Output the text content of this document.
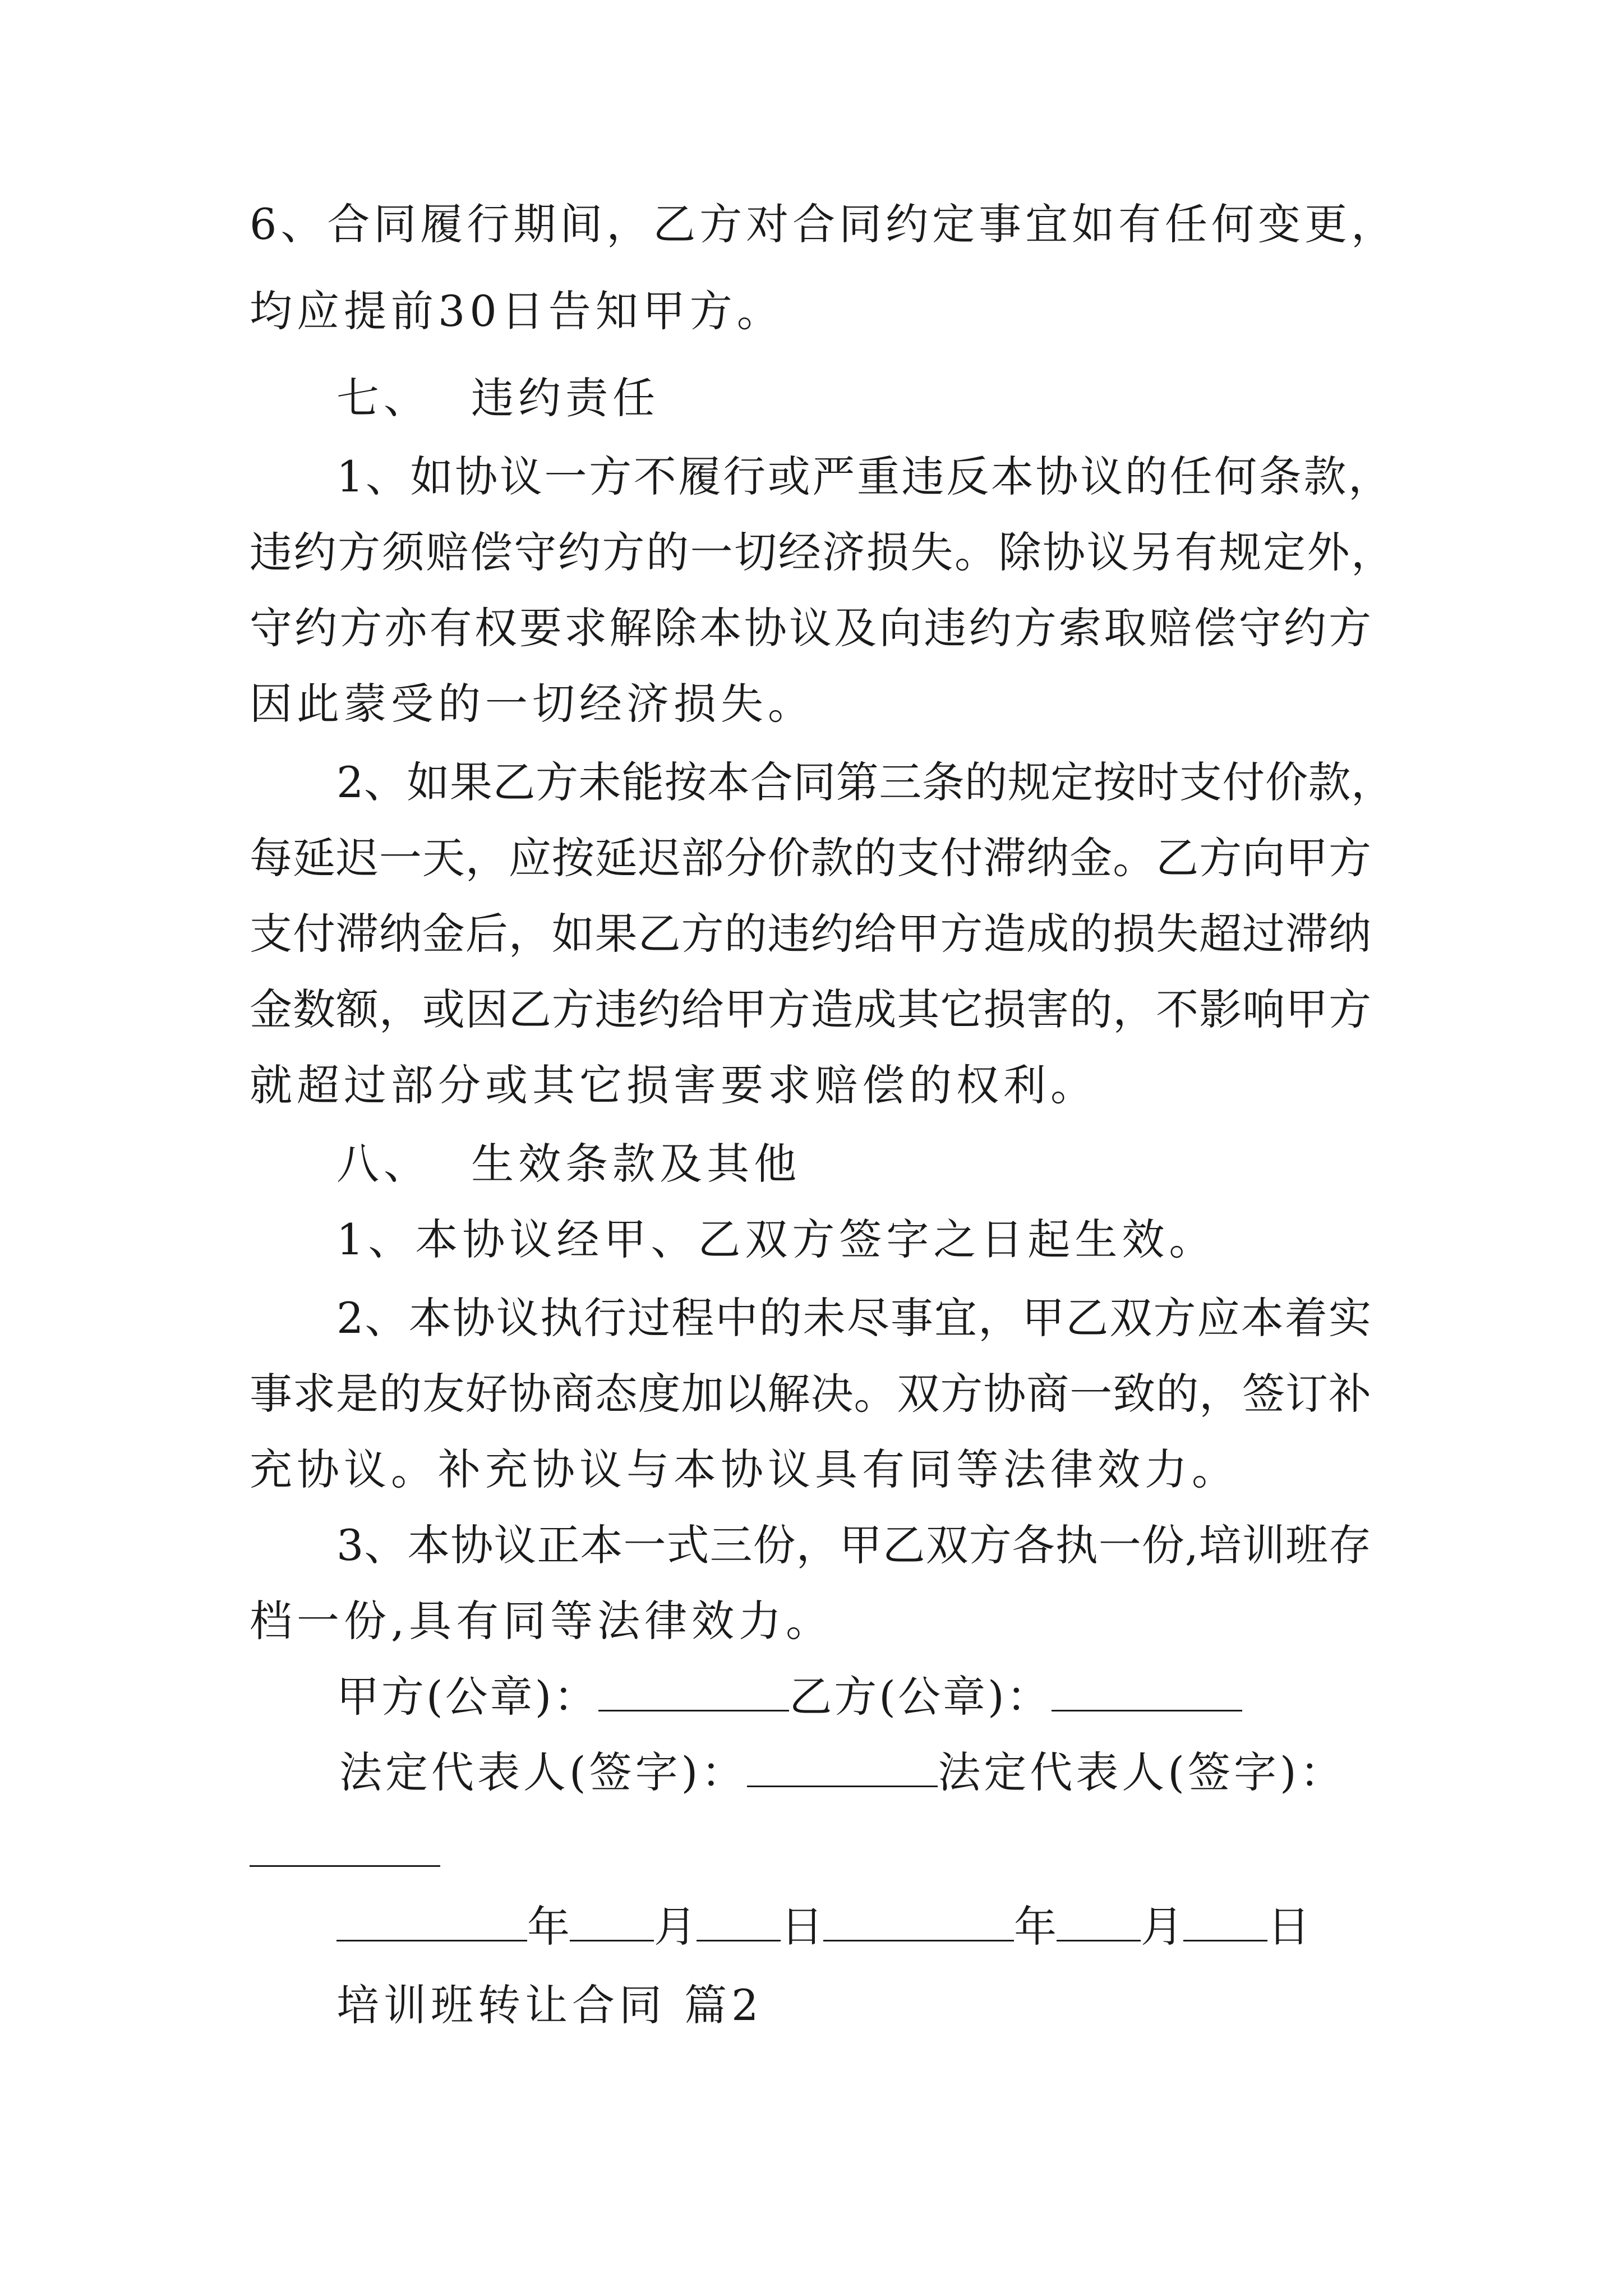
6、合同履行期间，乙方对合同约定事宜如有任何变更，
均应提前30日告知甲方。
七、 违约责任
1、如协议一方不履行或严重违反本协议的任何条款，
违约方须赔偿守约方的一切经济损失。除协议另有规定外，
守约方亦有权要求解除本协议及向违约方索取赔偿守约方
因此蒙受的一切经济损失。
2、如果乙方未能按本合同第三条的规定按时支付价款，
每延迟一天，应按延迟部分价款的支付滞纳金。乙方向甲方
支付滞纳金后，如果乙方的违约给甲方造成的损失超过滞纳
金数额，或因乙方违约给甲方造成其它损害的，不影响甲方
就超过部分或其它损害要求赔偿的权利。
八、 生效条款及其他
1、本协议经甲、乙双方签字之日起生效。
2、本协议执行过程中的未尽事宜，甲乙双方应本着实
事求是的友好协商态度加以解决。双方协商一致的，签订补
充协议。补充协议与本协议具有同等法律效力。
3、本协议正本一式三份，甲乙双方各执一份,培训班存
档一份,具有同等法律效力。
甲方(公章)：	乙方(公章)：
法定代表人(签字)：	法定代表人(签字)：
年 月 日	年 月 日
培训班转让合同 篇2
